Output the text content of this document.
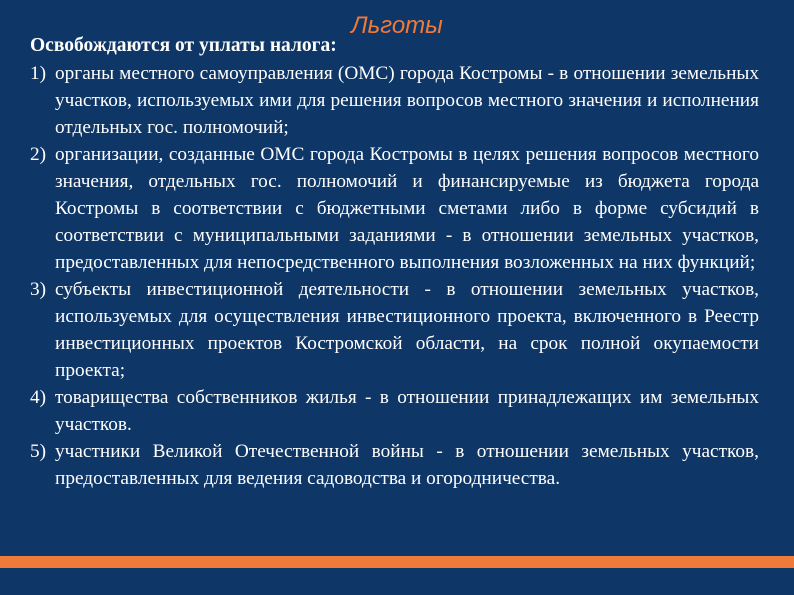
Льготы
Освобождаются от уплаты налога:
1) органы местного самоуправления (ОМС) города Костромы - в отношении земельных участков, используемых ими для решения вопросов местного значения и исполнения отдельных гос. полномочий;
2) организации, созданные ОМС города Костромы в целях решения вопросов местного значения, отдельных гос. полномочий и финансируемые из бюджета города Костромы в соответствии с бюджетными сметами либо в форме субсидий в соответствии с муниципальными заданиями - в отношении земельных участков, предоставленных для непосредственного выполнения возложенных на них функций;
3) субъекты инвестиционной деятельности - в отношении земельных участков, используемых для осуществления инвестиционного проекта, включенного в Реестр инвестиционных проектов Костромской области, на срок полной окупаемости проекта;
4) товарищества собственников жилья - в отношении принадлежащих им земельных участков.
5) участники Великой Отечественной войны - в отношении земельных участков, предоставленных для ведения садоводства и огородничества.
